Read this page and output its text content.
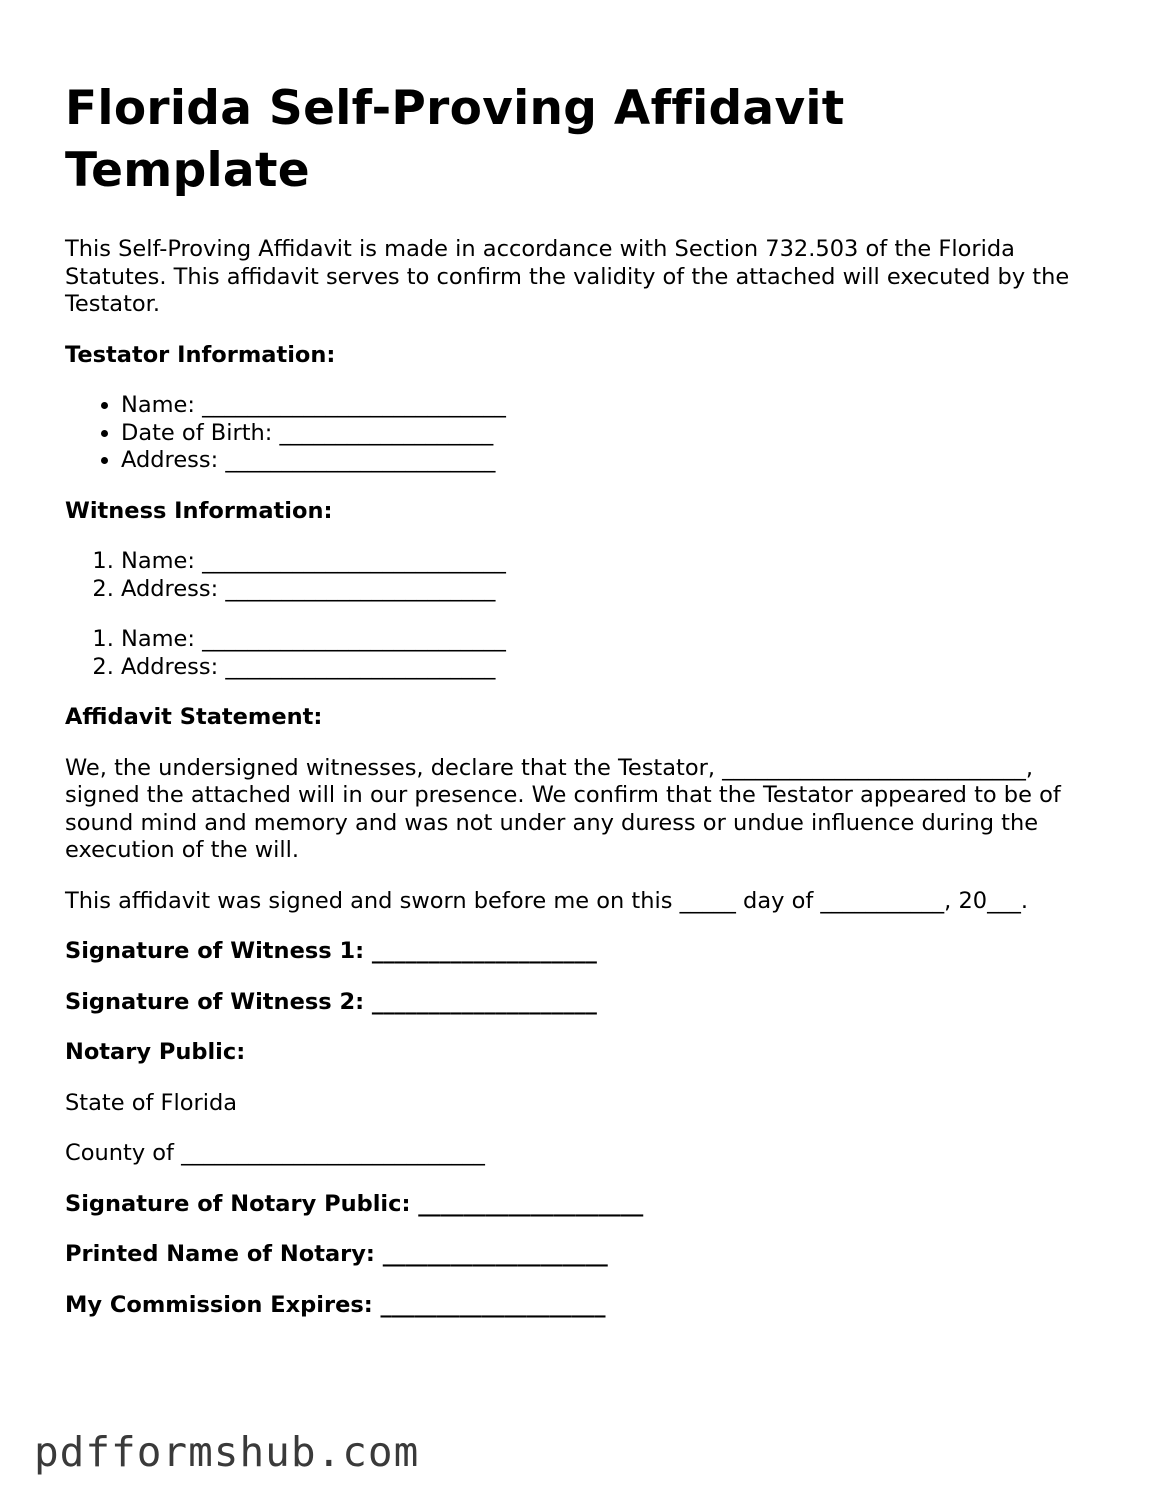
Florida Self-Proving Affidavit Template

This Self-Proving Affidavit is made in accordance with Section 732.503 of the Florida Statutes. This affidavit serves to confirm the validity of the attached will executed by the Testator.

Testator Information:

• Name: ___________________________
• Date of Birth: ___________________
• Address: ________________________

Witness Information:

1. Name: ___________________________
2. Address: ________________________
1. Name: ___________________________
2. Address: ________________________

Affidavit Statement:

We, the undersigned witnesses, declare that the Testator, ___________________________, signed the attached will in our presence. We confirm that the Testator appeared to be of sound mind and memory and was not under any duress or undue influence during the execution of the will.

This affidavit was signed and sworn before me on this _____ day of ___________, 20___.

Signature of Witness 1: ____________________

Signature of Witness 2: ____________________

Notary Public:

State of Florida

County of ___________________________

Signature of Notary Public: ____________________

Printed Name of Notary: ____________________

My Commission Expires: ____________________

pdfformshub.com
